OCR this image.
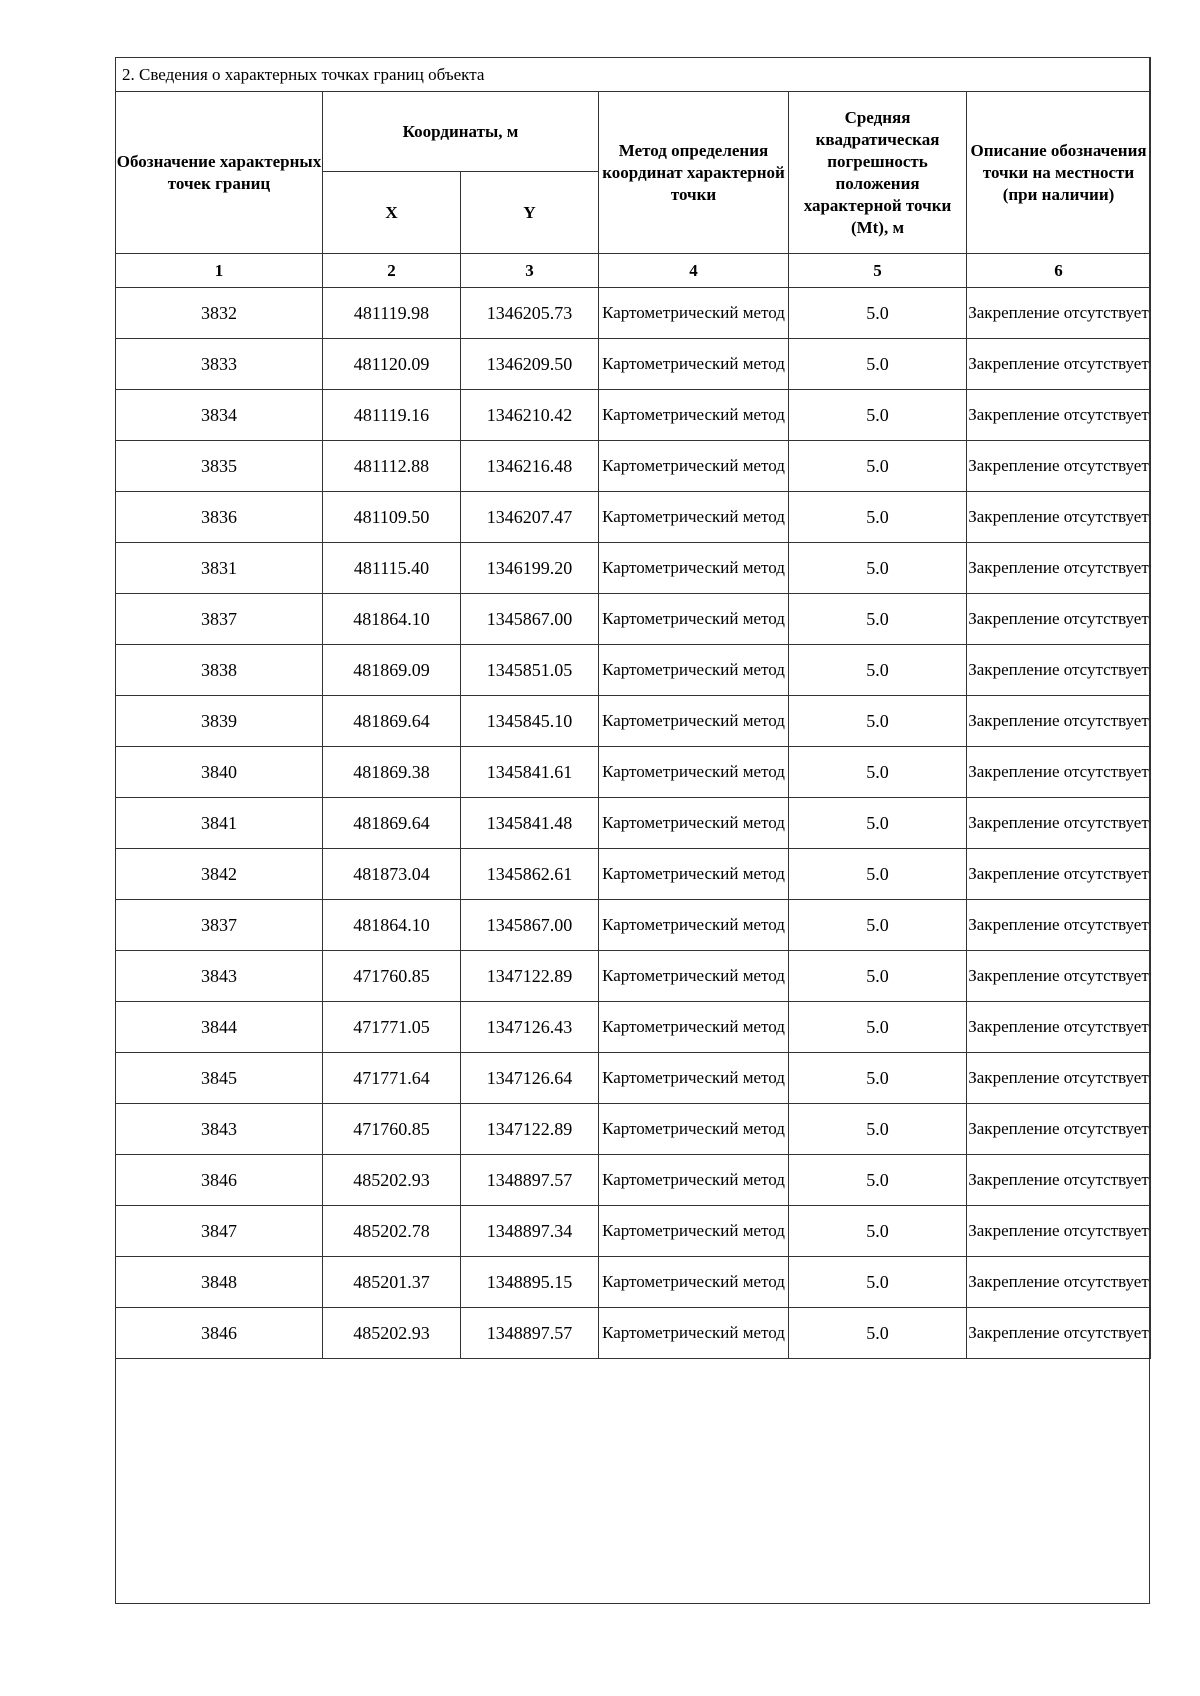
2. Сведения о характерных точках границ объекта					
Обозначение характерных точек границ	Координаты, м		Метод определения координат характерной точки	Средняя квадратическая погрешность положения характерной точки (Mt), м	Описание обозначения точки на местности (при наличии)
	X	Y			
1	2	3	4	5	6
3832	481119.98	1346205.73	Картометрический метод	5.0	Закрепление отсутствует
3833	481120.09	1346209.50	Картометрический метод	5.0	Закрепление отсутствует
3834	481119.16	1346210.42	Картометрический метод	5.0	Закрепление отсутствует
3835	481112.88	1346216.48	Картометрический метод	5.0	Закрепление отсутствует
3836	481109.50	1346207.47	Картометрический метод	5.0	Закрепление отсутствует
3831	481115.40	1346199.20	Картометрический метод	5.0	Закрепление отсутствует
3837	481864.10	1345867.00	Картометрический метод	5.0	Закрепление отсутствует
3838	481869.09	1345851.05	Картометрический метод	5.0	Закрепление отсутствует
3839	481869.64	1345845.10	Картометрический метод	5.0	Закрепление отсутствует
3840	481869.38	1345841.61	Картометрический метод	5.0	Закрепление отсутствует
3841	481869.64	1345841.48	Картометрический метод	5.0	Закрепление отсутствует
3842	481873.04	1345862.61	Картометрический метод	5.0	Закрепление отсутствует
3837	481864.10	1345867.00	Картометрический метод	5.0	Закрепление отсутствует
3843	471760.85	1347122.89	Картометрический метод	5.0	Закрепление отсутствует
3844	471771.05	1347126.43	Картометрический метод	5.0	Закрепление отсутствует
3845	471771.64	1347126.64	Картометрический метод	5.0	Закрепление отсутствует
3843	471760.85	1347122.89	Картометрический метод	5.0	Закрепление отсутствует
3846	485202.93	1348897.57	Картометрический метод	5.0	Закрепление отсутствует
3847	485202.78	1348897.34	Картометрический метод	5.0	Закрепление отсутствует
3848	485201.37	1348895.15	Картометрический метод	5.0	Закрепление отсутствует
3846	485202.93	1348897.57	Картометрический метод	5.0	Закрепление отсутствует
